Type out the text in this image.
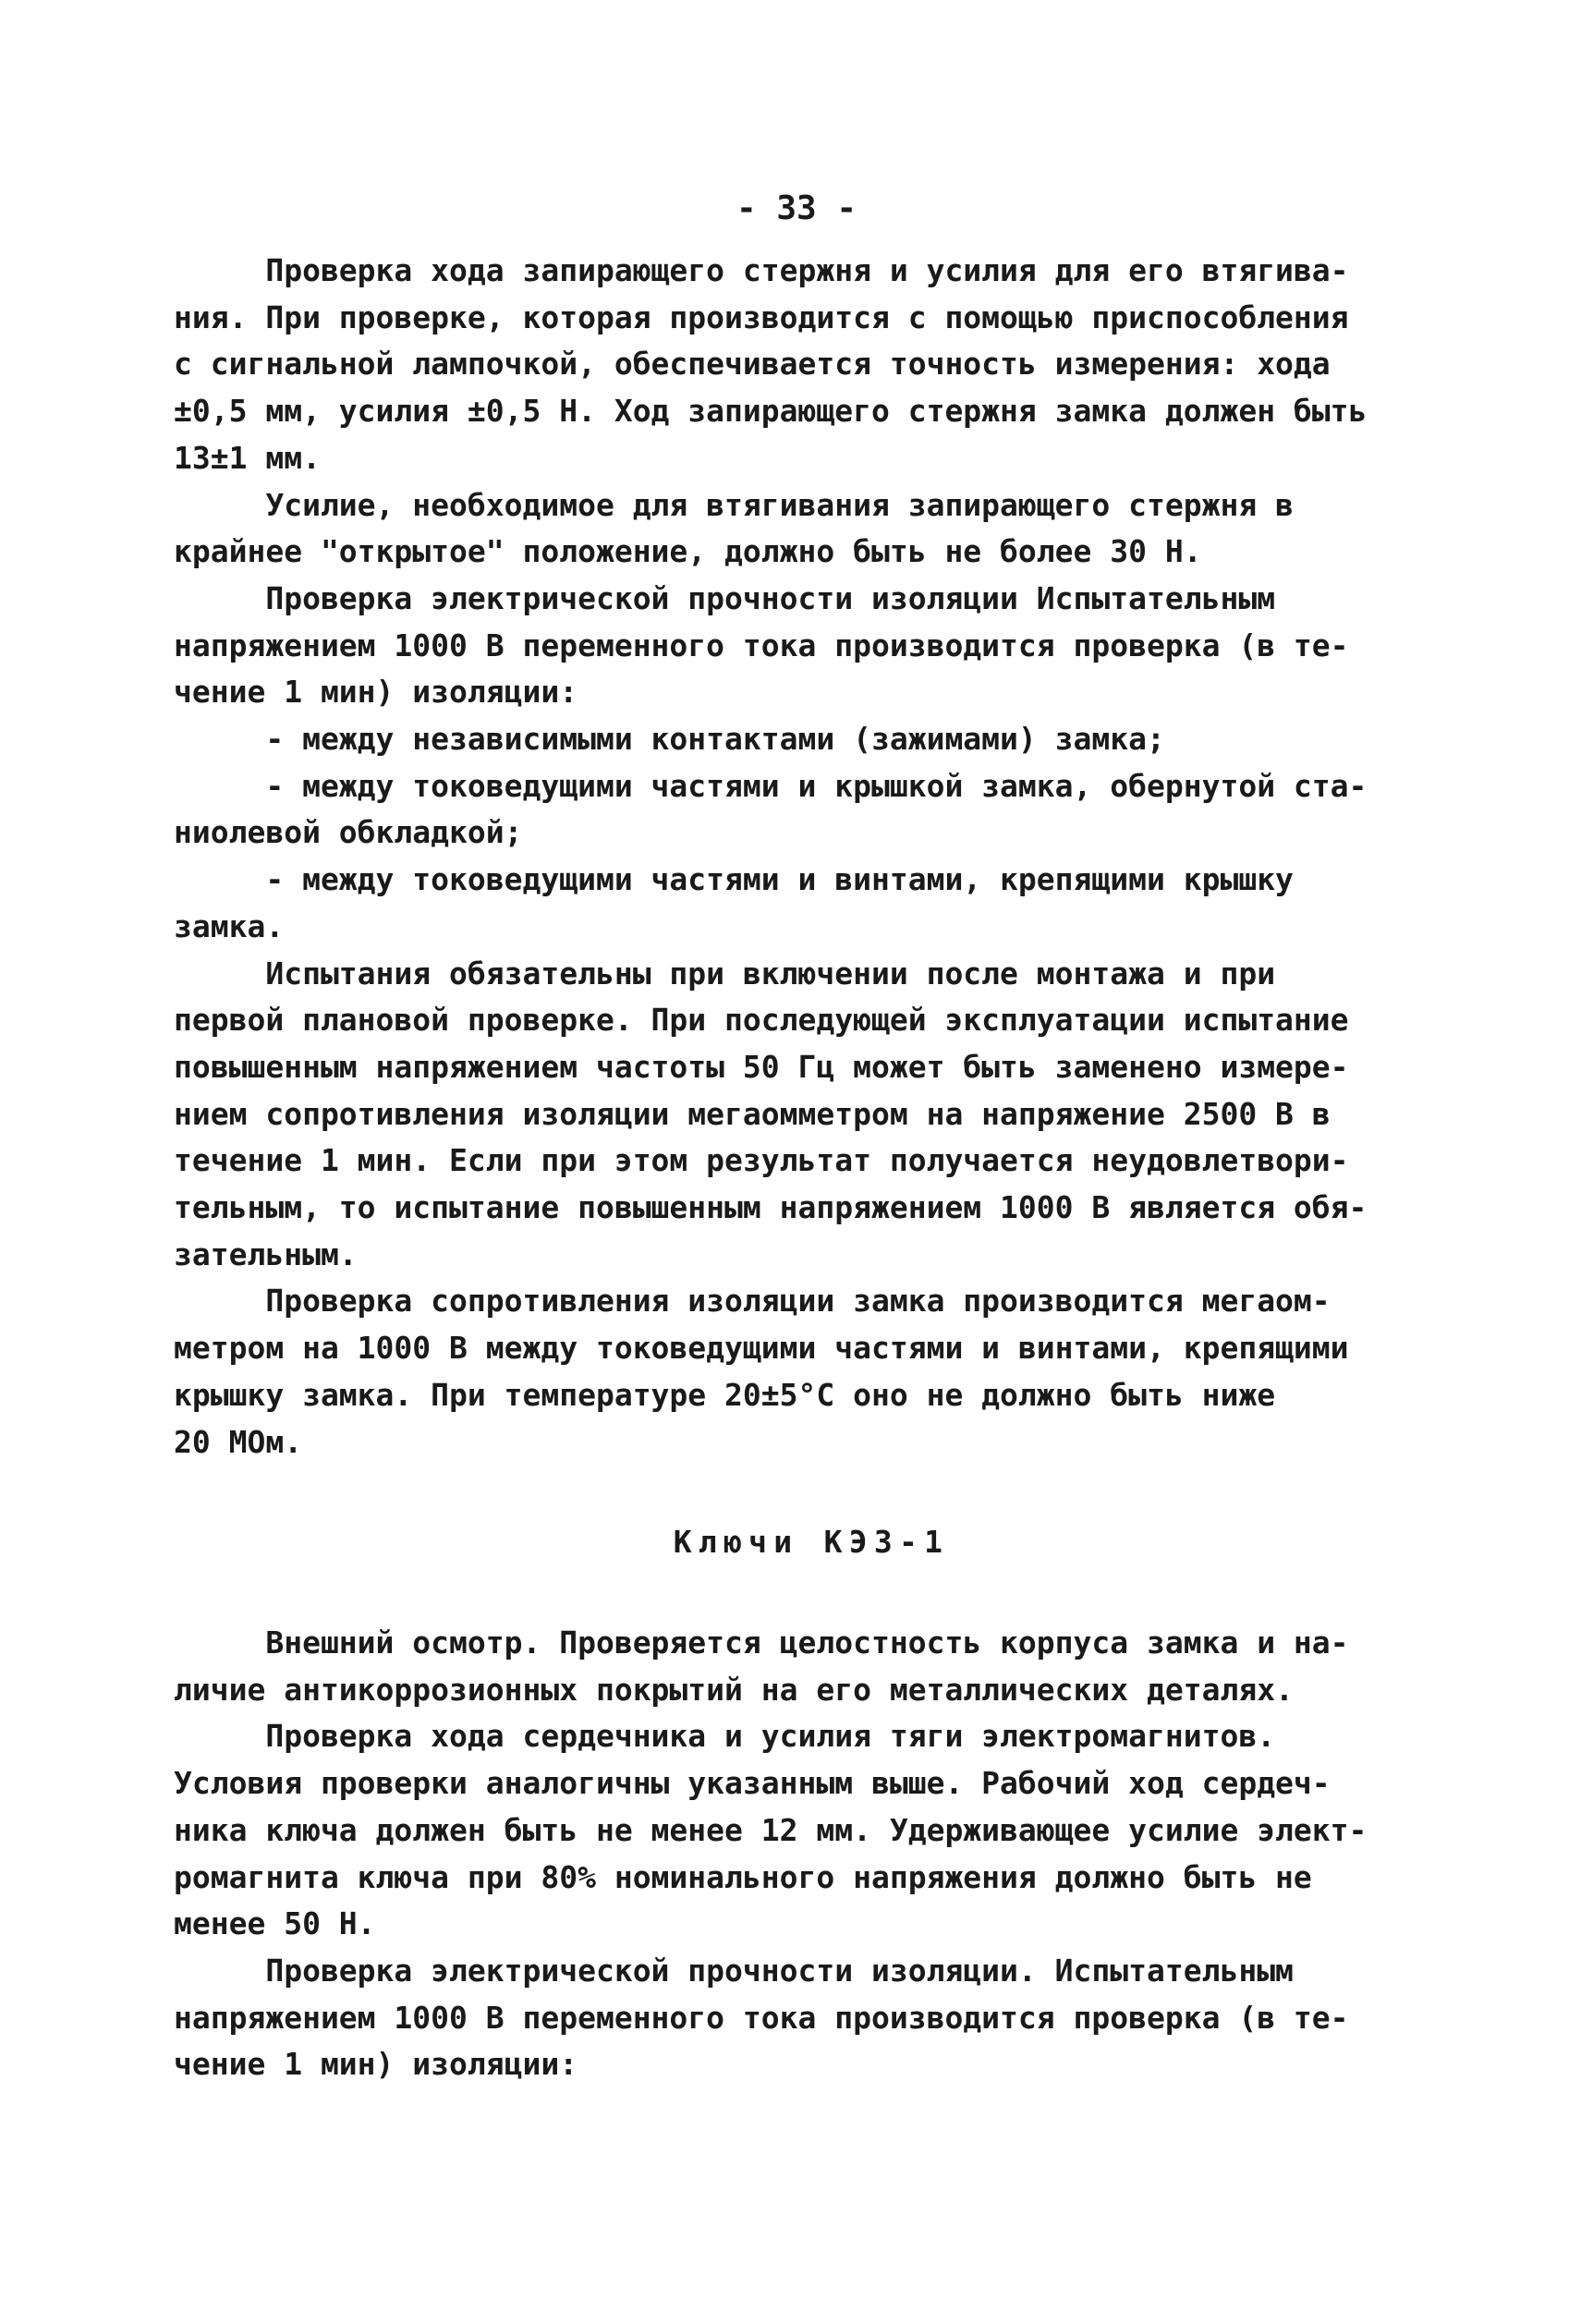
- 33 -

Проверка хода запирающего стержня и усилия для его втягива-
ния. При проверке, которая производится с помощью приспособления
с сигнальной лампочкой, обеспечивается точность измерения: хода
±0,5 мм, усилия ±0,5 Н. Ход запирающего стержня замка должен быть
13±1 мм.

Усилие, необходимое для втягивания запирающего стержня в
крайнее "открытое" положение, должно быть не более 30 Н.

Проверка электрической прочности изоляции Испытательным
напряжением 1000 В переменного тока производится проверка (в те-
чение 1 мин) изоляции:

- между независимыми контактами (зажимами) замка;

- между токоведущими частями и крышкой замка, обернутой ста-
ниолевой обкладкой;

- между токоведущими частями и винтами, крепящими крышку
замка.

Испытания обязательны при включении после монтажа и при
первой плановой проверке. При последующей эксплуатации испытание
повышенным напряжением частоты 50 Гц может быть заменено измере-
нием сопротивления изоляции мегаомметром на напряжение 2500 В в
течение 1 мин. Если при этом результат получается неудовлетвори-
тельным, то испытание повышенным напряжением 1000 В является обя-
зательным.

Проверка сопротивления изоляции замка производится мегаом-
метром на 1000 В между токоведущими частями и винтами, крепящими
крышку замка. При температуре 20±5°С оно не должно быть ниже
20 МОм.

Ключи КЭЗ-1

Внешний осмотр. Проверяется целостность корпуса замка и на-
личие антикоррозионных покрытий на его металлических деталях.

Проверка хода сердечника и усилия тяги электромагнитов.
Условия проверки аналогичны указанным выше. Рабочий ход сердеч-
ника ключа должен быть не менее 12 мм. Удерживающее усилие элект-
ромагнита ключа при 80% номинального напряжения должно быть не
менее 50 Н.

Проверка электрической прочности изоляции. Испытательным
напряжением 1000 В переменного тока производится проверка (в те-
чение 1 мин) изоляции:
